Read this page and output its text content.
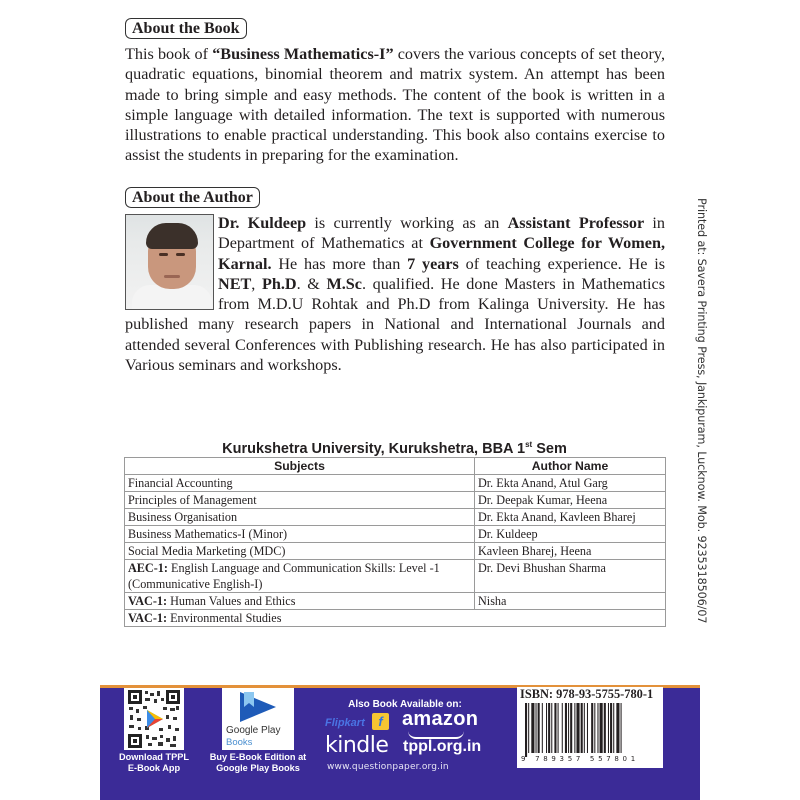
About the Book
This book of “Business Mathematics-I” covers the various concepts of set theory, quadratic equations, binomial theorem and matrix system. An attempt has been made to bring simple and easy methods. The content of the book is written in a simple language with detailed information. The text is supported with numerous illustrations to enable practical understanding. This book also contains exercise to assist the students in preparing for the examination.
About the Author
Dr. Kuldeep is currently working as an Assistant Professor in Department of Mathematics at Government College for Women, Karnal. He has more than 7 years of teaching experience. He is NET, Ph.D. & M.Sc. qualified. He done Masters in Mathematics from M.D.U Rohtak and Ph.D from Kalinga University. He has published many research papers in National and International Journals and attended several Conferences with Publishing research. He has also participated in Various seminars and workshops.	Printed at: Savera Printing Press, Jankipuram, Lucknow. Mob. 9235318506/07
Kurukshetra University, Kurukshetra, BBA 1st Sem
Subjects	Author Name
Financial Accounting	Dr. Ekta Anand, Atul Garg
Principles of Management	Dr. Deepak Kumar, Heena
Business Organisation	Dr. Ekta Anand, Kavleen Bharej
Business Mathematics-I (Minor)	Dr. Kuldeep
Social Media Marketing (MDC)	Kavleen Bharej, Heena
AEC-1: English Language and Communication Skills: Level -1 (Communicative English-I)	Dr. Devi Bhushan Sharma
VAC-1: Human Values and Ethics	Nisha
VAC-1: Environmental Studies	
Download TPPL
E-Book App
Google Play
Books
Buy E-Book Edition at
Google Play Books
Also Book Available on:
Flipkart	f amazon
kindle tppl.org.in
www.questionpaper.org.in
ISBN: 978-93-5755-780-1
9 789357 557801
